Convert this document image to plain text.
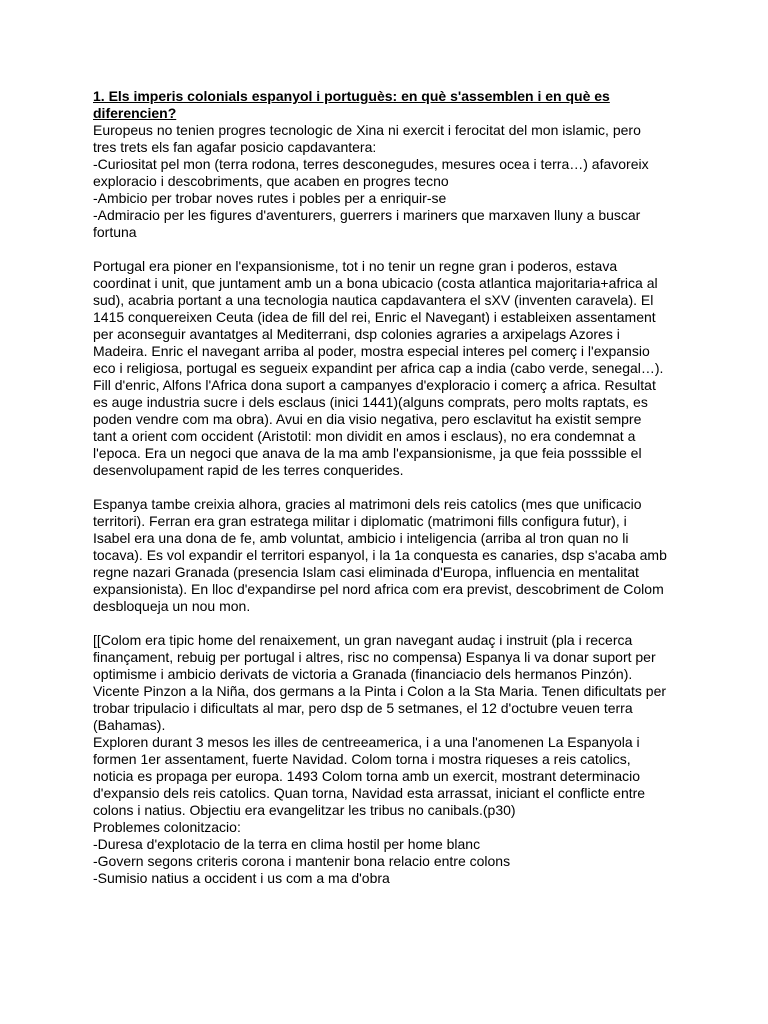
1. Els imperis colonials espanyol i portuguès: en què s'assemblen i en què es
diferencien?
Europeus no tenien progres tecnologic de Xina ni exercit i ferocitat del mon islamic, pero
tres trets els fan agafar posicio capdavantera:
-Curiositat pel mon (terra rodona, terres desconegudes, mesures ocea i terra…) afavoreix
exploracio i descobriments, que acaben en progres tecno
-Ambicio per trobar noves rutes i pobles per a enriquir-se
-Admiracio per les figures d'aventurers, guerrers i mariners que marxaven lluny a buscar
fortuna
Portugal era pioner en l'expansionisme, tot i no tenir un regne gran i poderos, estava
coordinat i unit, que juntament amb un a bona ubicacio (costa atlantica majoritaria+africa al
sud), acabria portant a una tecnologia nautica capdavantera el sXV (inventen caravela). El
1415 conquereixen Ceuta (idea de fill del rei, Enric el Navegant) i estableixen assentament
per aconseguir avantatges al Mediterrani, dsp colonies agraries a arxipelags Azores i
Madeira. Enric el navegant arriba al poder, mostra especial interes pel comerç i l'expansio
eco i religiosa, portugal es segueix expandint per africa cap a india (cabo verde, senegal…).
Fill d'enric, Alfons l'Africa dona suport a campanyes d'exploracio i comerç a africa. Resultat
es auge industria sucre i dels esclaus (inici 1441)(alguns comprats, pero molts raptats, es
poden vendre com ma obra). Avui en dia visio negativa, pero esclavitut ha existit sempre
tant a orient com occident (Aristotil: mon dividit en amos i esclaus), no era condemnat a
l'epoca. Era un negoci que anava de la ma amb l'expansionisme, ja que feia posssible el
desenvolupament rapid de les terres conquerides.
Espanya tambe creixia alhora, gracies al matrimoni dels reis catolics (mes que unificacio
territori). Ferran era gran estratega militar i diplomatic (matrimoni fills configura futur), i
Isabel era una dona de fe, amb voluntat, ambicio i inteligencia (arriba al tron quan no li
tocava). Es vol expandir el territori espanyol, i la 1a conquesta es canaries, dsp s'acaba amb
regne nazari Granada (presencia Islam casi eliminada d'Europa, influencia en mentalitat
expansionista). En lloc d'expandirse pel nord africa com era previst, descobriment de Colom
desbloqueja un nou mon.
[[Colom era tipic home del renaixement, un gran navegant audaç i instruit (pla i recerca
finançament, rebuig per portugal i altres, risc no compensa) Espanya li va donar suport per
optimisme i ambicio derivats de victoria a Granada (financiacio dels hermanos Pinzón).
Vicente Pinzon a la Niña, dos germans a la Pinta i Colon a la Sta Maria. Tenen dificultats per
trobar tripulacio i dificultats al mar, pero dsp de 5 setmanes, el 12 d'octubre veuen terra
(Bahamas).
Exploren durant 3 mesos les illes de centreeamerica, i a una l'anomenen La Espanyola i
formen 1er assentament, fuerte Navidad. Colom torna i mostra riqueses a reis catolics,
noticia es propaga per europa. 1493 Colom torna amb un exercit, mostrant determinacio
d'expansio dels reis catolics. Quan torna, Navidad esta arrassat, iniciant el conflicte entre
colons i natius. Objectiu era evangelitzar les tribus no canibals.(p30)
Problemes colonitzacio:
-Duresa d'explotacio de la terra en clima hostil per home blanc
-Govern segons criteris corona i mantenir bona relacio entre colons
-Sumisio natius a occident i us com a ma d'obra
